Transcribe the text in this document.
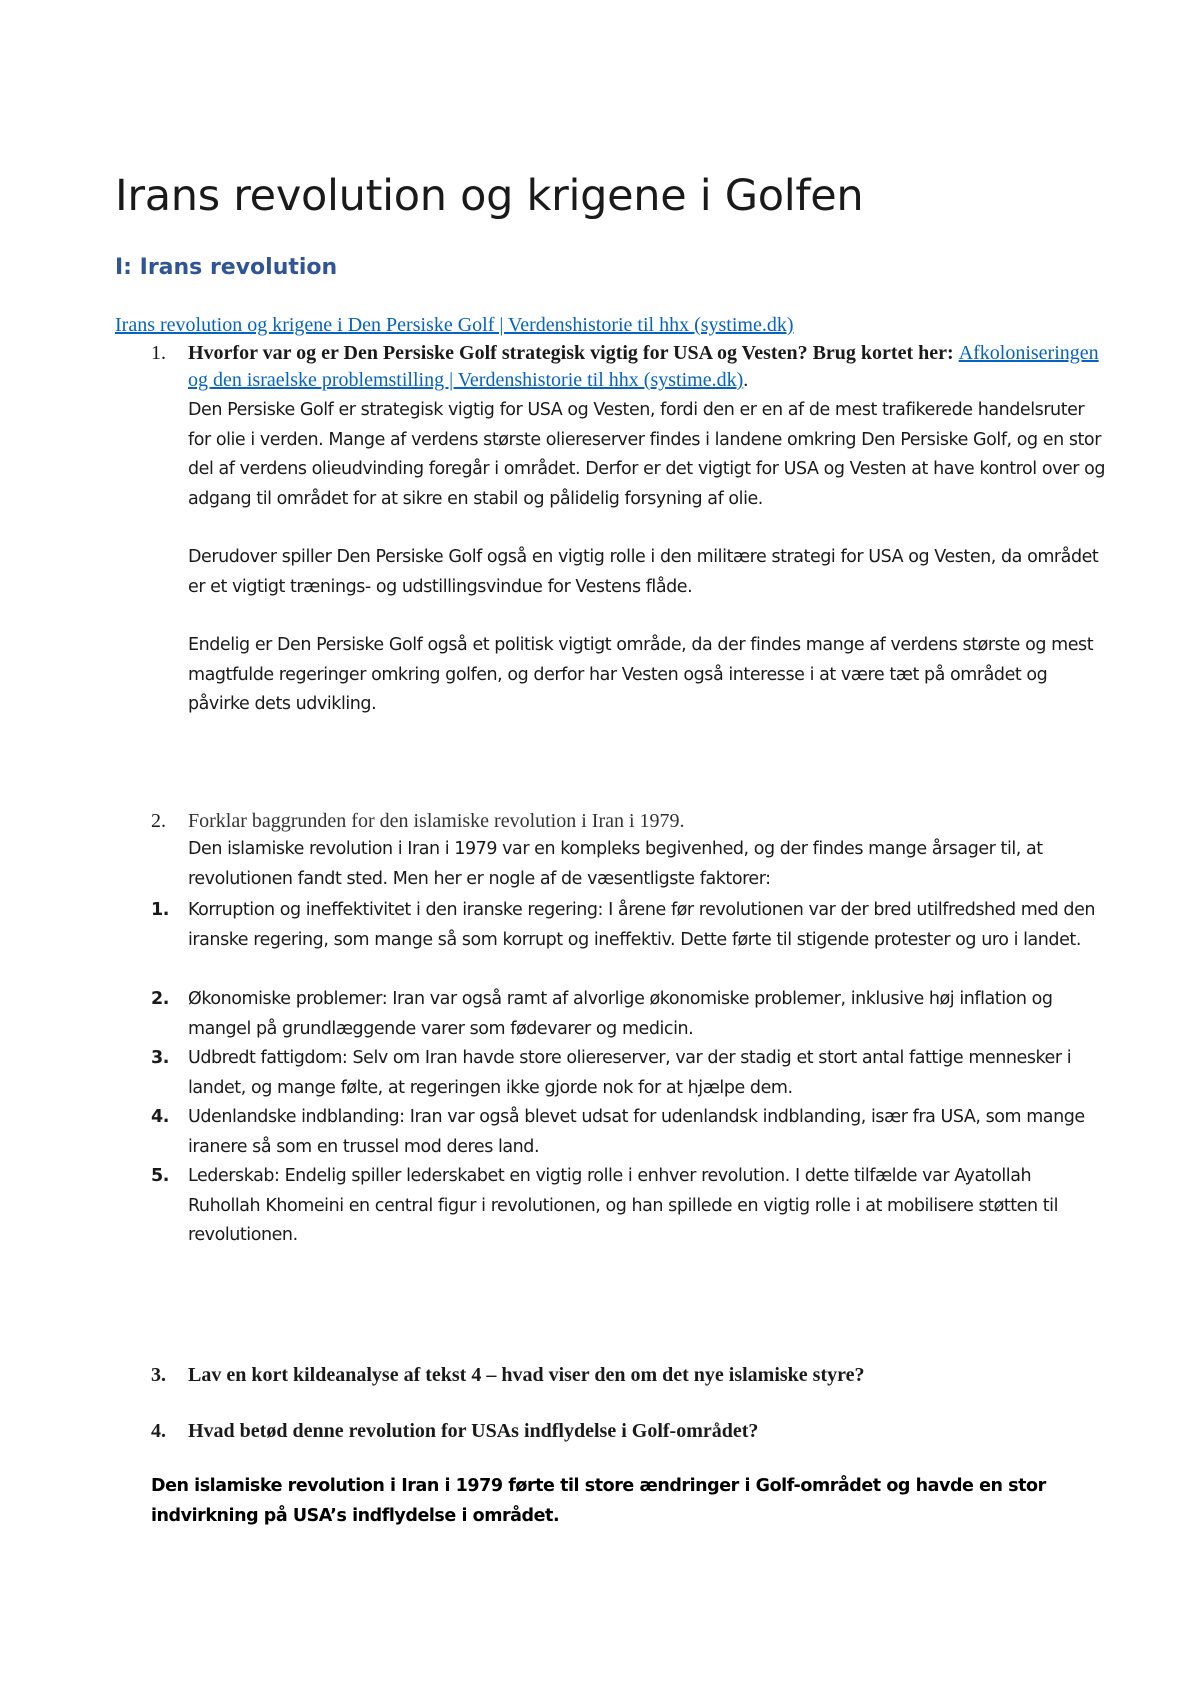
Irans revolution og krigene i Golfen
I: Irans revolution
Irans revolution og krigene i Den Persiske Golf | Verdenshistorie til hhx (systime.dk)
1.	Hvorfor var og er Den Persiske Golf strategisk vigtig for USA og Vesten? Brug kortet her: Afkoloniseringen og den israelske problemstilling | Verdenshistorie til hhx (systime.dk).

Den Persiske Golf er strategisk vigtig for USA og Vesten, fordi den er en af de mest trafikerede handelsruter for olie i verden. Mange af verdens største oliereserver findes i landene omkring Den Persiske Golf, og en stor del af verdens olieudvinding foregår i området. Derfor er det vigtigt for USA og Vesten at have kontrol over og adgang til området for at sikre en stabil og pålidelig forsyning af olie.

Derudover spiller Den Persiske Golf også en vigtig rolle i den militære strategi for USA og Vesten, da området er et vigtigt trænings- og udstillingsvindue for Vestens flåde.

Endelig er Den Persiske Golf også et politisk vigtigt område, da der findes mange af verdens største og mest magtfulde regeringer omkring golfen, og derfor har Vesten også interesse i at være tæt på området og påvirke dets udvikling.

2.	Forklar baggrunden for den islamiske revolution i Iran i 1979.

Den islamiske revolution i Iran i 1979 var en kompleks begivenhed, og der findes mange årsager til, at revolutionen fandt sted. Men her er nogle af de væsentligste faktorer:

1.	Korruption og ineffektivitet i den iranske regering: I årene før revolutionen var der bred utilfredshed med den iranske regering, som mange så som korrupt og ineffektiv. Dette førte til stigende protester og uro i landet.

2.	Økonomiske problemer: Iran var også ramt af alvorlige økonomiske problemer, inklusive høj inflation og mangel på grundlæggende varer som fødevarer og medicin.

3.	Udbredt fattigdom: Selv om Iran havde store oliereserver, var der stadig et stort antal fattige mennesker i landet, og mange følte, at regeringen ikke gjorde nok for at hjælpe dem.

4.	Udenlandske indblanding: Iran var også blevet udsat for udenlandsk indblanding, især fra USA, som mange iranere så som en trussel mod deres land.

5.	Lederskab: Endelig spiller lederskabet en vigtig rolle i enhver revolution. I dette tilfælde var Ayatollah Ruhollah Khomeini en central figur i revolutionen, og han spillede en vigtig rolle i at mobilisere støtten til revolutionen.

3.	Lav en kort kildeanalyse af tekst 4 – hvad viser den om det nye islamiske styre?

4.	Hvad betød denne revolution for USAs indflydelse i Golf-området?

Den islamiske revolution i Iran i 1979 førte til store ændringer i Golf-området og havde en stor indvirkning på USA’s indflydelse i området.
